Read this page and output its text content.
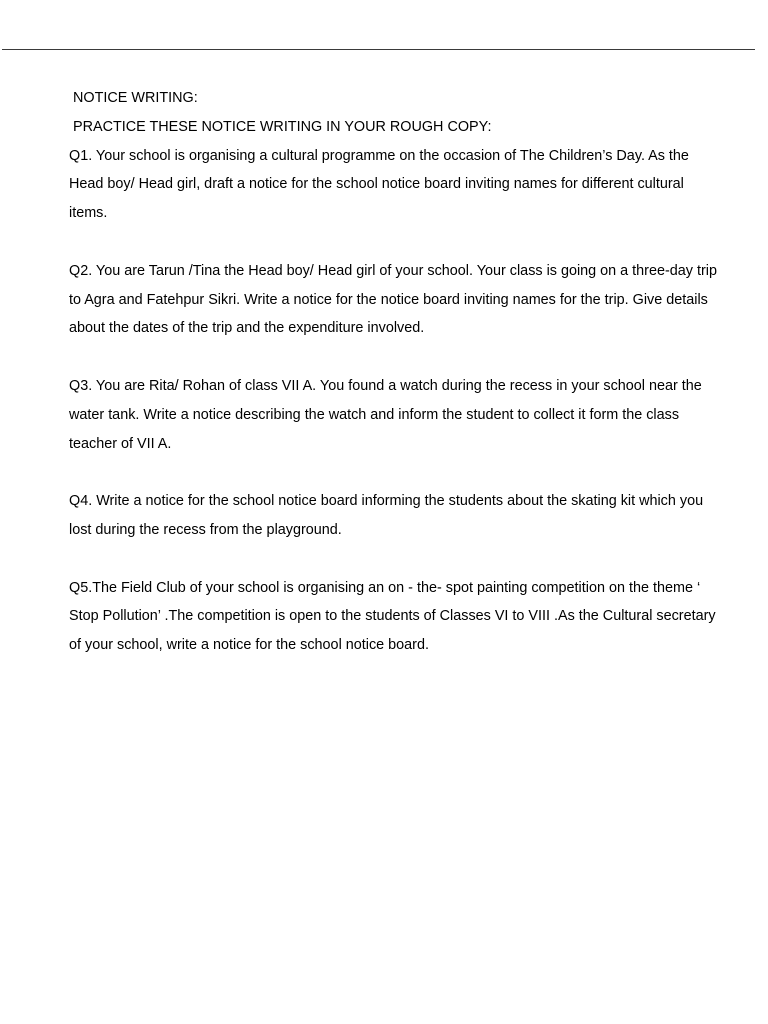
NOTICE WRITING:

PRACTICE THESE NOTICE WRITING IN YOUR ROUGH COPY:

Q1. Your school is organising a cultural programme on the occasion of The Children’s Day. As the Head boy/ Head girl, draft a notice for the school notice board inviting names for different cultural items.

Q2. You are Tarun /Tina the Head boy/ Head girl of your school. Your class is going on a three-day trip to Agra and Fatehpur Sikri. Write a notice for the notice board inviting names for the trip. Give details about the dates of the trip and the expenditure involved.

Q3. You are Rita/ Rohan of class VII A. You found a watch during the recess in your school near the water tank. Write a notice describing the watch and inform the student to collect it form the class teacher of VII A.

Q4. Write a notice for the school notice board informing the students about the skating kit which you lost during the recess from the playground.

Q5.The Field Club of your school is organising an on - the- spot painting competition on the theme ‘ Stop Pollution’ .The competition is open to the students of Classes VI to VIII .As the Cultural secretary of your school, write a notice for the school notice board.
